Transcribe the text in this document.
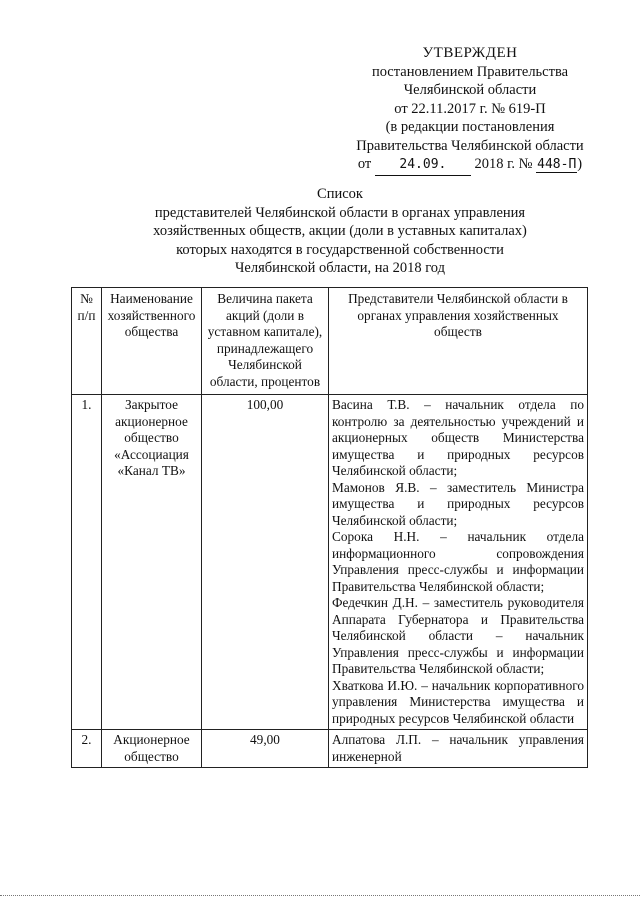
УТВЕРЖДЕН
постановлением Правительства
Челябинской области
от 22.11.2017 г. № 619-П
(в редакции постановления
Правительства Челябинской области
от 24.09. 2018 г. № 448-П)
Список
представителей Челябинской области в органах управления
хозяйственных обществ, акции (доли в уставных капиталах)
которых находятся в государственной собственности
Челябинской области, на 2018 год
№ п/п	Наименование хозяйственного общества	Величина пакета акций (доли в уставном капитале), принадлежащего Челябинской области, процентов	Представители Челябинской области в органах управления хозяйственных обществ
1.	Закрытое акционерное общество «Ассоциация «Канал ТВ»	100,00	Васина Т.В. – начальник отдела по контролю за деятельностью учреждений и акционерных обществ Министерства имущества и природных ресурсов Челябинской области;
Мамонов Я.В. – заместитель Министра имущества и природных ресурсов Челябинской области;
Сорока Н.Н. – начальник отдела информационного сопровождения Управления пресс-службы и информации Правительства Челябинской области;
Федечкин Д.Н. – заместитель руководителя Аппарата Губернатора и Правительства Челябинской области – начальник Управления пресс-службы и информации Правительства Челябинской области;
Хваткова И.Ю. – начальник корпоративного управления Министерства имущества и природных ресурсов Челябинской области

2.	Акционерное общество	49,00	Алпатова Л.П. – начальник управления инженерной
